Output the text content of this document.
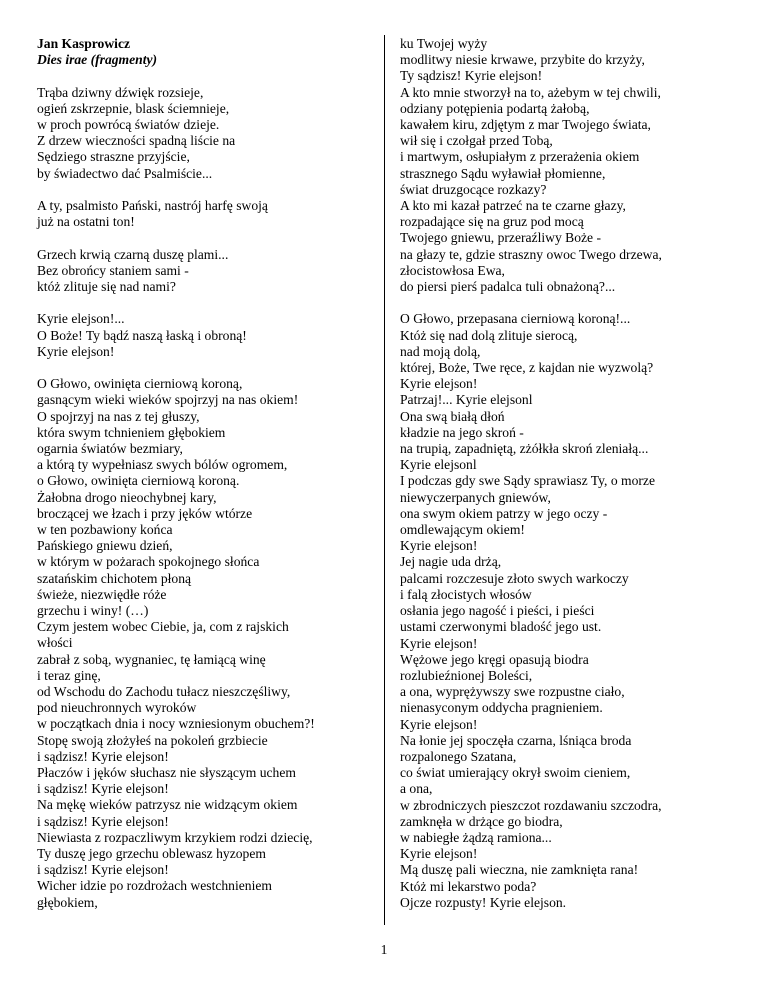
Jan Kasprowicz
Dies irae (fragmenty)
Trąba dziwny dźwięk rozsieje,
ogień zskrzepnie, blask ściemnieje,
w proch powrócą światów dzieje.
Z drzew wieczności spadną liście na
Sędziego straszne przyjście,
by świadectwo dać Psalmiście...
A ty, psalmisto Pański, nastrój harfę swoją
już na ostatni ton!
Grzech krwią czarną duszę plami...
Bez obrońcy staniem sami -
któż zlituje się nad nami?
Kyrie elejson!...
O Boże! Ty bądź naszą łaską i obroną!
Kyrie elejson!
O Głowo, owinięta cierniową koroną,
gasnącym wieki wieków spojrzyj na nas okiem!
O spojrzyj na nas z tej głuszy,
która swym tchnieniem głębokiem
ogarnia światów bezmiary,
a którą ty wypełniasz swych bólów ogromem,
o Głowo, owinięta cierniową koroną.
Żałobna drogo nieochybnej kary,
broczącej we łzach i przy jęków wtórze
w ten pozbawiony końca
Pańskiego gniewu dzień,
w którym w pożarach spokojnego słońca
szatańskim chichotem płoną
świeże, niezwiędłe róże
grzechu i winy! (…)
Czym jestem wobec Ciebie, ja, com z rajskich
włości
zabrał z sobą, wygnaniec, tę łamiącą winę
i teraz ginę,
od Wschodu do Zachodu tułacz nieszczęśliwy,
pod nieuchronnych wyroków
w początkach dnia i nocy wzniesionym obuchem?!
Stopę swoją złożyłeś na pokoleń grzbiecie
i sądzisz! Kyrie elejson!
Płaczów i jęków słuchasz nie słyszącym uchem
i sądzisz! Kyrie elejson!
Na mękę wieków patrzysz nie widzącym okiem
i sądzisz! Kyrie elejson!
Niewiasta z rozpaczliwym krzykiem rodzi dziecię,
Ty duszę jego grzechu oblewasz hyzopem
i sądzisz! Kyrie elejson!
Wicher idzie po rozdrożach westchnieniem
głębokiem,
ku Twojej wyży
modlitwy niesie krwawe, przybite do krzyży,
Ty sądzisz! Kyrie elejson!
A kto mnie stworzył na to, ażebym w tej chwili,
odziany potępienia podartą żałobą,
kawałem kiru, zdjętym z mar Twojego świata,
wił się i czołgał przed Tobą,
i martwym, osłupiałym z przerażenia okiem
strasznego Sądu wyławiał płomienne,
świat druzgocące rozkazy?
A kto mi kazał patrzeć na te czarne głazy,
rozpadające się na gruz pod mocą
Twojego gniewu, przeraźliwy Boże -
na głazy te, gdzie straszny owoc Twego drzewa,
złocistowłosa Ewa,
do piersi pierś padalca tuli obnażoną?...
O Głowo, przepasana cierniową koroną!...
Któż się nad dolą zlituje sierocą,
nad moją dolą,
której, Boże, Twe ręce, z kajdan nie wyzwolą?
Kyrie elejson!
Patrzaj!... Kyrie elejsonl
Ona swą białą dłoń
kładzie na jego skroń -
na trupią, zapadniętą, zżółkła skroń zleniałą...
Kyrie elejsonl
I podczas gdy swe Sądy sprawiasz Ty, o morze
niewyczerpanych gniewów,
ona swym okiem patrzy w jego oczy -
omdlewającym okiem!
Kyrie elejson!
Jej nagie uda drżą,
palcami rozczesuje złoto swych warkoczy
i falą złocistych włosów
osłania jego nagość i pieści, i pieści
ustami czerwonymi bladość jego ust.
Kyrie elejson!
Wężowe jego kręgi opasują biodra
rozlubieźnionej Boleści,
a ona, wyprężywszy swe rozpustne ciało,
nienasyconym oddycha pragnieniem.
Kyrie elejson!
Na łonie jej spoczęła czarna, lśniąca broda
rozpalonego Szatana,
co świat umierający okrył swoim cieniem,
a ona,
w zbrodniczych pieszczot rozdawaniu szczodra,
zamknęła w drżące go biodra,
w nabiegłe żądzą ramiona...
Kyrie elejson!
Mą duszę pali wieczna, nie zamknięta rana!
Któż mi lekarstwo poda?
Ojcze rozpusty! Kyrie elejson.
1
